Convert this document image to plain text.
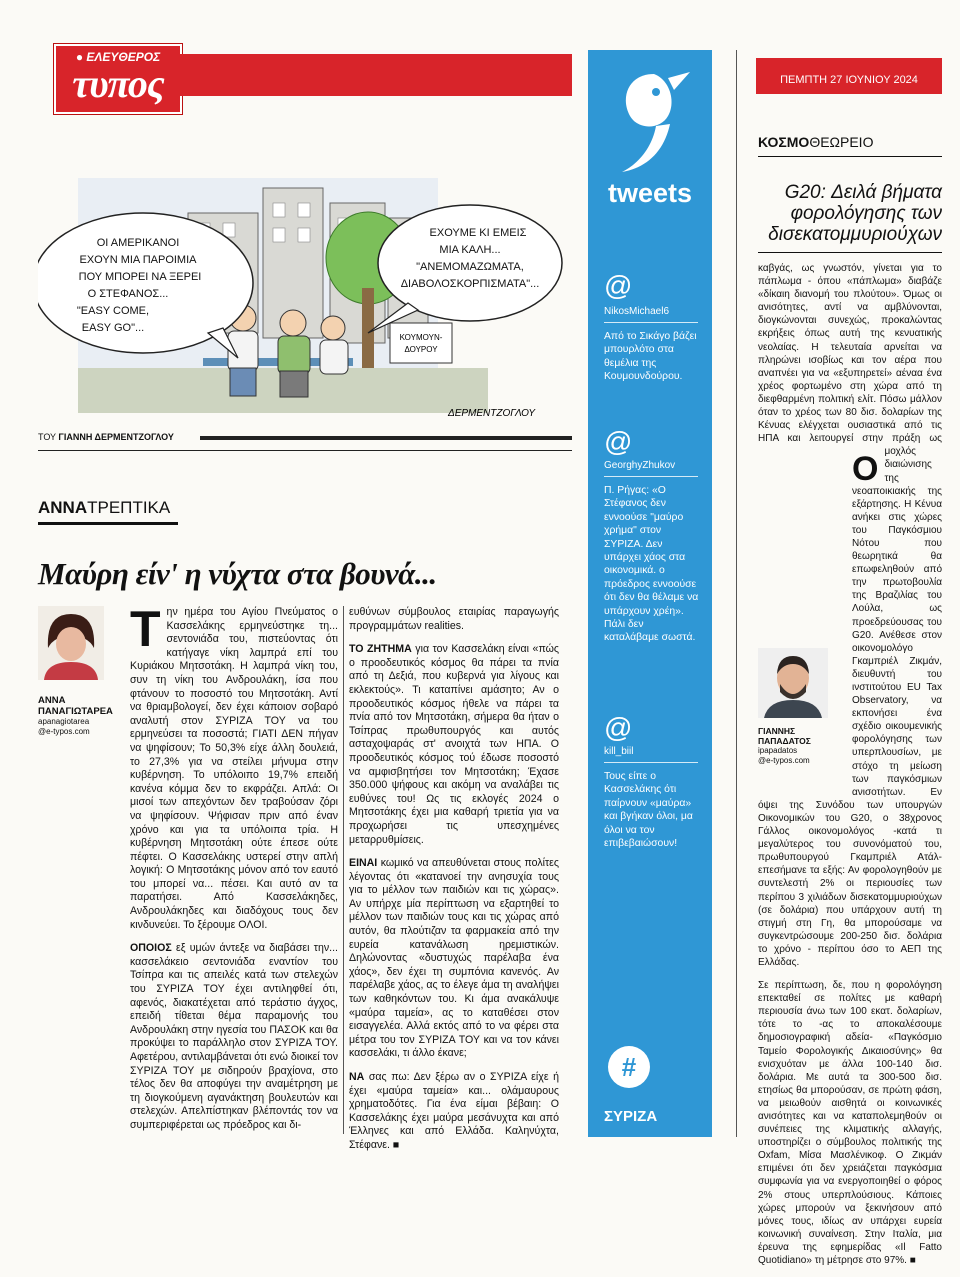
● ΕΛΕΥΘΕΡΟΣ
τυπος	ΠΕΜΠΤΗ 27 ΙΟΥΝΙΟΥ 2024
ΚΟΥΜΟΥΝ-
ΔΟΥΡΟΥ
ΟΙ ΑΜΕΡΙΚΑΝΟΙ
ΕΧΟΥΝ ΜΙΑ ΠΑΡΟΙΜΙΑ
ΠΟΥ ΜΠΟΡΕΙ ΝΑ ΞΕΡΕΙ
Ο ΣΤΕΦΑΝΟΣ...
"EASY COME,
EASY GO"...
ΕΧΟΥΜΕ ΚΙ ΕΜΕΙΣ
ΜΙΑ ΚΑΛΗ...
"ΑΝΕΜΟΜΑΖΩΜΑΤΑ,
ΔΙΑΒΟΛΟΣΚΟΡΠΙΣΜΑΤΑ"...
ΔΕΡΜΕΝΤΖΟΓΛΟΥ
ΤΟΥ ΓΙΑΝΝΗ ΔΕΡΜΕΝΤΖΟΓΛΟΥ
ΑΝΝΑΤΡΕΠΤΙΚΑ
Μαύρη είν' η νύχτα στα βουνά...
ΑΝΝΑ ΠΑΝΑΓΙΩΤΑΡΕΑ
apanagiotarea
@e-typos.com

Την ημέρα του Αγίου Πνεύματος ο Κασσελάκης ερμηνεύστηκε τη... σεντονιάδα του, πιστεύοντας ότι κατήγαγε νίκη λαμπρά επί του Κυριάκου Μητσοτάκη. Η λαμπρά νίκη του, συν τη νίκη του Ανδρουλάκη, ίσα που φτάνουν το ποσοστό του Μητσοτάκη. Αντί να θριαμβολογεί, δεν έχει κάποιον σοβαρό αναλυτή στον ΣΥΡΙΖΑ ΤΟΥ να του ερμηνεύσει τα ποσοστά; ΓΙΑΤΙ ΔΕΝ πήγαν να ψηφίσουν; Το 50,3% είχε άλλη δουλειά, το 27,3% για να στείλει μήνυμα στην κυβέρνηση. Το υπόλοιπο 19,7% επειδή κανένα κόμμα δεν το εκφράζει. Απλά: Οι μισοί των απεχόντων δεν τραβούσαν ζόρι να ψηφίσουν. Ψήφισαν πριν από έναν χρόνο και για τα υπόλοιπα τρία. Η κυβέρνηση Μητσοτάκη ούτε έπεσε ούτε πέφτει. Ο Κασσελάκης υστερεί στην απλή λογική: Ο Μητσοτάκης μόνον από τον εαυτό του μπορεί να... πέσει. Και αυτό αν τα παρατήσει. Από Κασσελάκηδες, Ανδρουλάκηδες και διαδόχους τους δεν κινδυνεύει. Το ξέρουμε ΟΛΟΙ.

ΟΠΟΙΟΣ εξ υμών άντεξε να διαβάσει την... κασσελάκειο σεντονιάδα εναντίον του Τσίπρα και τις απειλές κατά των στελεχών του ΣΥΡΙΖΑ ΤΟΥ έχει αντιληφθεί ότι, αφενός, διακατέχεται από τεράστιο άγχος, επειδή τίθεται θέμα παραμονής του Ανδρουλάκη στην ηγεσία του ΠΑΣΟΚ και θα προκύψει το παράλληλο στον ΣΥΡΙΖΑ ΤΟΥ. Αφετέρου, αντιλαμβάνεται ότι ενώ διοικεί τον ΣΥΡΙΖΑ ΤΟΥ με σιδηρούν βραχίονα, στο τέλος δεν θα αποφύγει την αναμέτρηση με τη διογκούμενη αγανάκτηση βουλευτών και στελεχών. Απελπίστηκαν βλέποντάς τον να συμπεριφέρεται ως πρόεδρος και δι-

ευθύνων σύμβουλος εταιρίας παραγωγής προγραμμάτων realities.

ΤΟ ΖΗΤΗΜΑ για τον Κασσελάκη είναι «πώς ο προοδευτικός κόσμος θα πάρει τα πνία από τη Δεξιά, που κυβερνά για λίγους και εκλεκτούς». Τι καταπίνει αμάσητο; Αν ο προοδευτικός κόσμος ήθελε να πάρει τα πνία από τον Μητσοτάκη, σήμερα θα ήταν ο Τσίπρας πρωθυπουργός και αυτός ασταχοψαράς στ' ανοιχτά των ΗΠΑ. Ο προοδευτικός κόσμος τού έδωσε ποσοστό να αμφισβητήσει τον Μητσοτάκη; Έχασε 350.000 ψήφους και ακόμη να αναλάβει τις ευθύνες του! Ως τις εκλογές 2024 ο Μητσοτάκης έχει μια καθαρή τριετία για να προχωρήσει τις υπεσχημένες μεταρρυθμίσεις.

ΕΙΝΑΙ κωμικό να απευθύνεται στους πολίτες λέγοντας ότι «κατανοεί την ανησυχία τους για το μέλλον των παιδιών και τις χώρας». Αν υπήρχε μία περίπτωση να εξαρτηθεί το μέλλον των παιδιών τους και τις χώρας από αυτόν, θα πλούτιζαν τα φαρμακεία από την ευρεία κατανάλωση ηρεμιστικών. Δηλώνοντας «δυστυχώς παρέλαβα ένα χάος», δεν έχει τη συμπόνια κανενός. Αν παρέλαβε χάος, ας το έλεγε άμα τη αναλήψει των καθηκόντων του. Κι άμα ανακάλυψε «μαύρα ταμεία», ας το καταθέσει στον εισαγγελέα. Αλλά εκτός από το να φέρει στα μέτρα του τον ΣΥΡΙΖΑ ΤΟΥ και να τον κάνει κασσελάκι, τι άλλο έκανε;

ΝΑ σας πω: Δεν ξέρω αν ο ΣΥΡΙΖΑ είχε ή έχει «μαύρα ταμεία» και... ολάμαυρους χρηματοδότες. Για ένα είμαι βέβαιη: Ο Κασσελάκης έχει μαύρα μεσάνυχτα και από Έλληνες και από Ελλάδα. Καληνύχτα, Στέφανε. ■

tweets
@
NikosMichael6
Από το Σικάγο βάζει μπουρλότο στα θεμέλια της Κουμουνδούρου.
@
GeorghyZhukov
Π. Ρήγας: «Ο Στέφανος δεν εννοούσε "μαύρο χρήμα" στον ΣΥΡΙΖΑ. Δεν υπάρχει χάος στα οικονομικά. ο πρόεδρος εννοούσε ότι δεν θα θέλαμε να υπάρχουν χρέη». Πάλι δεν καταλάβαμε σωστά.
@
kill_biil
Τους είπε ο Κασσελάκης ότι παίρνουν «μαύρα» και βγήκαν όλοι, μα όλοι να τον επιβεβαιώσουν!
#
ΣΥΡΙΖΑ
ΚΟΣΜΟΘΕΩΡΕΙΟ
G20: Δειλά βήματα φορολόγησης των δισεκατομμυριούχων
ΓΙΑΝΝΗΣ ΠΑΠΑΔΑΤΟΣ
ipapadatos
@e-typos.com

Ο
καβγάς, ως γνωστόν, γίνεται για το πάπλωμα - όπου «πάπλωμα» διαβάζε «δίκαιη διανομή του πλούτου». Όμως οι ανισότητες, αντί να αμβλύνονται, διογκώνονται συνεχώς, προκαλώντας εκρήξεις όπως αυτή της κενυατικής νεολαίας. Η τελευταία αρνείται να πληρώνει ισοβίως και τον αέρα που αναπνέει για να «εξυπηρετεί» αέναα ένα χρέος φορτωμένο στη χώρα από τη διεφθαρμένη πολιτική ελίτ. Πόσω μάλλον όταν το χρέος των 80 δισ. δολαρίων της Κένυας ελέγχεται ουσιαστικά από τις ΗΠΑ και λειτουργεί στην πράξη ως μοχλός διαιώνισης της νεοαποικιακής της εξάρτησης. Η Κένυα ανήκει στις χώρες του Παγκόσμιου Νότου που θεωρητικά θα επωφεληθούν από την πρωτοβουλία της Βραζιλίας του Λούλα, ως προεδρεύουσας του G20. Ανέθεσε στον οικονομολόγο Γκαμπριέλ Ζικμάν, διευθυντή του ινστιτούτου EU Tax Observatory, να εκπονήσει ένα σχέδιο οικουμενικής φορολόγησης των υπερπλουσίων, με στόχο τη μείωση των παγκόσμιων ανισοτήτων. Εν όψει της Συνόδου των υπουργών Οικονομικών του G20, ο 38χρονος Γάλλος οικονομολόγος -κατά τι μεγαλύτερος του συνονόματού του, πρωθυπουργού Γκαμπριέλ Ατάλ- επεσήμανε τα εξής: Αν φορολογηθούν με συντελεστή 2% οι περιουσίες των περίπου 3 χιλιάδων δισεκατομμυριούχων (σε δολάρια) που υπάρχουν αυτή τη στιγμή στη Γη, θα μπορούσαμε να συγκεντρώσουμε 200-250 δισ. δολάρια το χρόνο - περίπου όσο το ΑΕΠ της Ελλάδας.

Σε περίπτωση, δε, που η φορολόγηση επεκταθεί σε πολίτες με καθαρή περιουσία άνω των 100 εκατ. δολαρίων, τότε το -ας το αποκαλέσουμε δημοσιογραφική αδεία- «Παγκόσμιο Ταμείο Φορολογικής Δικαιοσύνης» θα ενισχυόταν με άλλα 100-140 δισ. δολάρια. Με αυτά τα 300-500 δισ. ετησίως θα μπορούσαν, σε πρώτη φάση, να μειωθούν αισθητά οι κοινωνικές ανισότητες και να καταπολεμηθούν οι συνέπειες της κλιματικής αλλαγής, υποστηρίζει ο σύμβουλος πολιτικής της Oxfam, Μίσα Μασλένικοφ. Ο Ζικμάν επιμένει ότι δεν χρειάζεται παγκόσμια συμφωνία για να ενεργοποιηθεί ο φόρος 2% στους υπερπλούσιους. Κάποιες χώρες μπορούν να ξεκινήσουν από μόνες τους, ιδίως αν υπάρχει ευρεία κοινωνική συναίνεση. Στην Ιταλία, μια έρευνα της εφημερίδας «Il Fatto Quotidiano» τη μέτρησε στο 97%. ■
